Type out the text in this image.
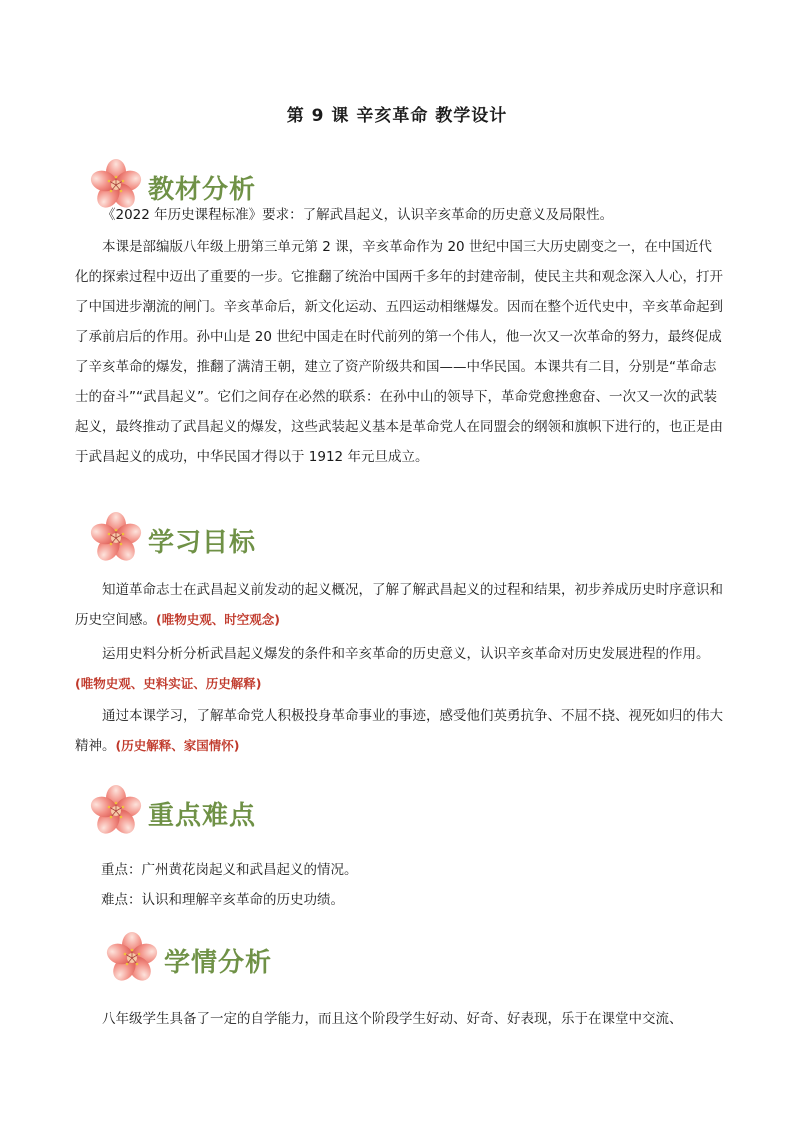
第 9 课 辛亥革命 教学设计
教材分析

《2022 年历史课程标准》要求：了解武昌起义，认识辛亥革命的历史意义及局限性。

本课是部编版八年级上册第三单元第 2 课，辛亥革命作为 20 世纪中国三大历史剧变之一，在中国近代化的探索过程中迈出了重要的一步。它推翻了统治中国两千多年的封建帝制，使民主共和观念深入人心，打开了中国进步潮流的闸门。辛亥革命后，新文化运动、五四运动相继爆发。因而在整个近代史中，辛亥革命起到了承前启后的作用。孙中山是 20 世纪中国走在时代前列的第一个伟人，他一次又一次革命的努力，最终促成了辛亥革命的爆发，推翻了满清王朝，建立了资产阶级共和国——中华民国。本课共有二目，分别是“革命志士的奋斗”“武昌起义”。它们之间存在必然的联系：在孙中山的领导下，革命党愈挫愈奋、一次又一次的武装起义，最终推动了武昌起义的爆发，这些武装起义基本是革命党人在同盟会的纲领和旗帜下进行的，也正是由于武昌起义的成功，中华民国才得以于 1912 年元旦成立。

学习目标

知道革命志士在武昌起义前发动的起义概况，了解了解武昌起义的过程和结果，初步养成历史时序意识和历史空间感。(唯物史观、时空观念)

运用史料分析分析武昌起义爆发的条件和辛亥革命的历史意义，认识辛亥革命对历史发展进程的作用。(唯物史观、史料实证、历史解释)

通过本课学习，了解革命党人积极投身革命事业的事迹，感受他们英勇抗争、不屈不挠、视死如归的伟大精神。(历史解释、家国情怀)

重点难点

重点：广州黄花岗起义和武昌起义的情况。

难点：认识和理解辛亥革命的历史功绩。

学情分析

八年级学生具备了一定的自学能力，而且这个阶段学生好动、好奇、好表现，乐于在课堂中交流、
